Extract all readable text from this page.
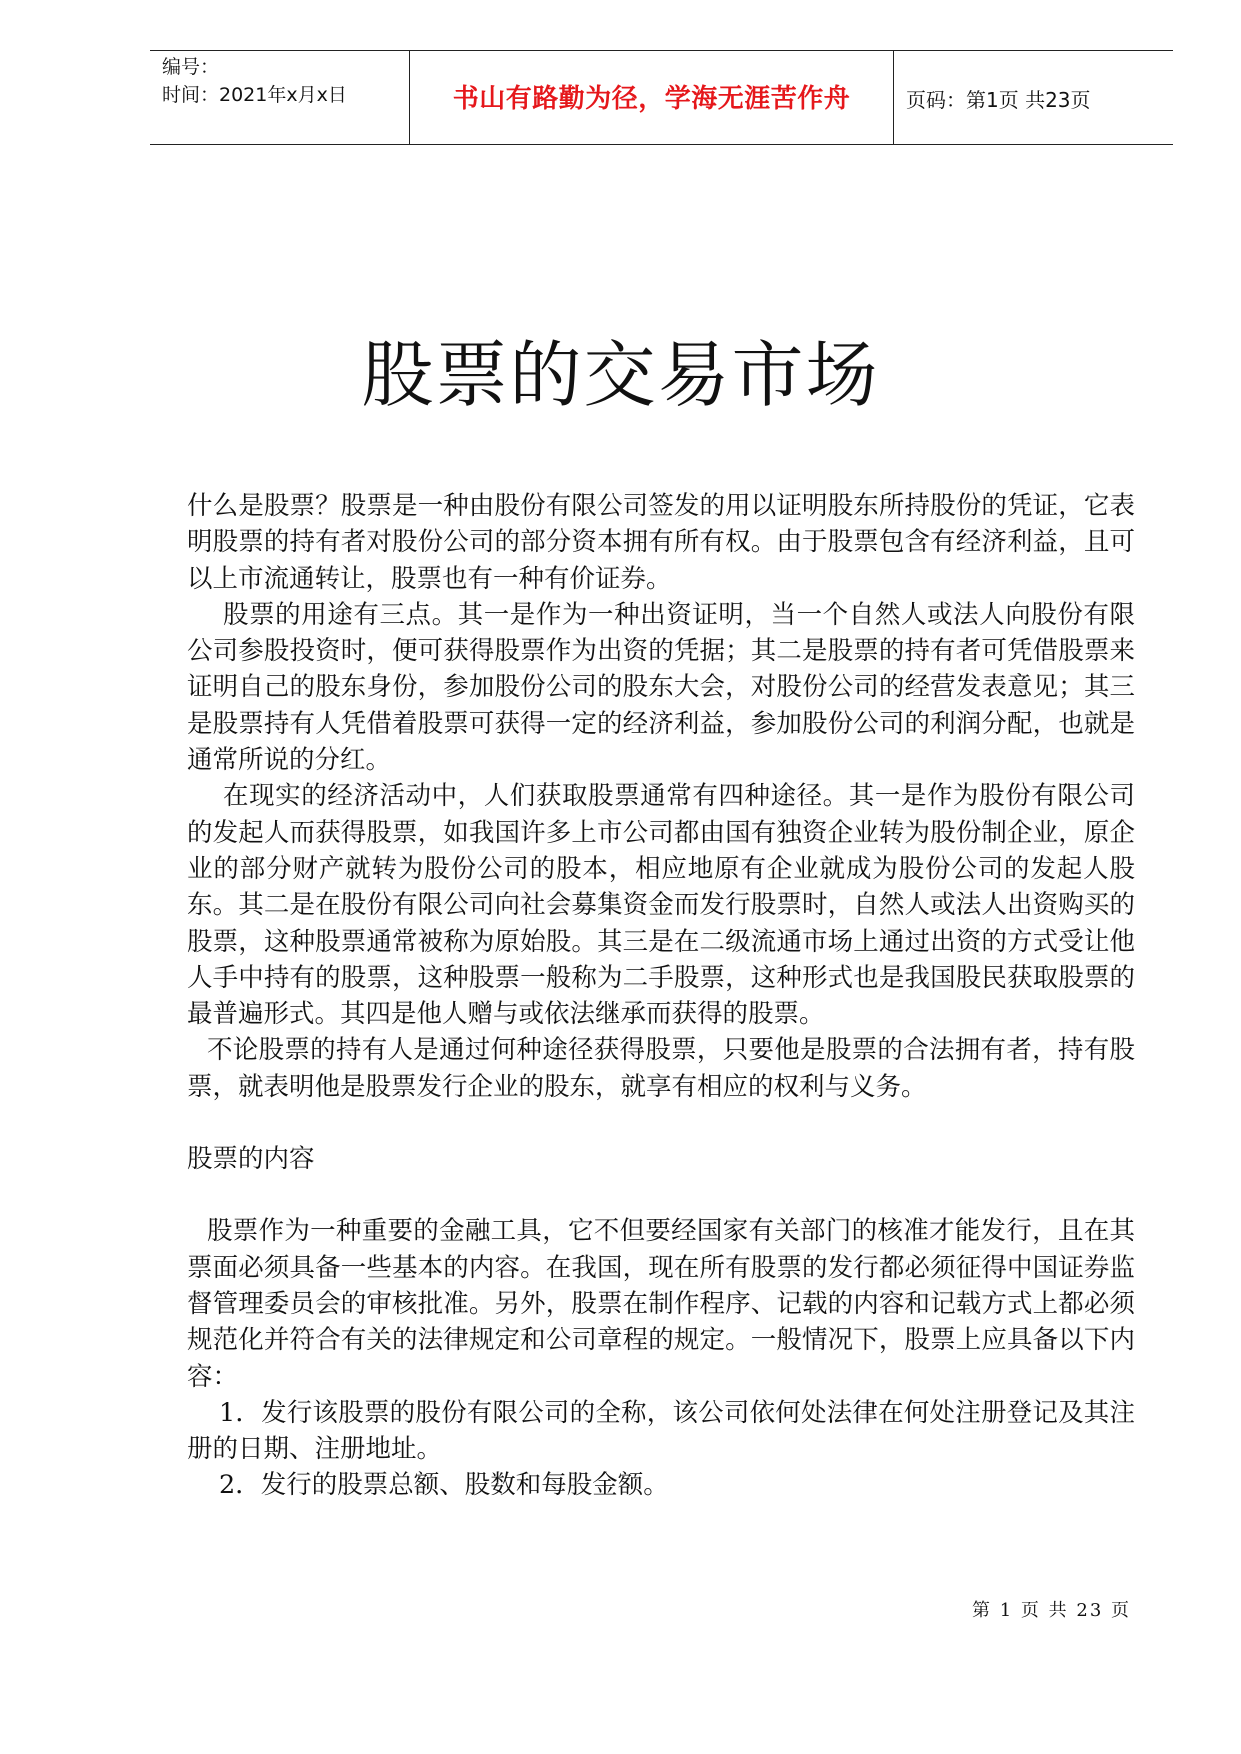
编号：
时间：2021年x月x日	书山有路勤为径，学海无涯苦作舟	页码：第1页 共23页
股票的交易市场

什么是股票？股票是一种由股份有限公司签发的用以证明股东所持股份的凭证，它表明股票的持有者对股份公司的部分资本拥有所有权。由于股票包含有经济利益，且可以上市流通转让，股票也有一种有价证券。

股票的用途有三点。其一是作为一种出资证明，当一个自然人或法人向股份有限公司参股投资时，便可获得股票作为出资的凭据；其二是股票的持有者可凭借股票来证明自己的股东身份，参加股份公司的股东大会，对股份公司的经营发表意见；其三是股票持有人凭借着股票可获得一定的经济利益，参加股份公司的利润分配，也就是通常所说的分红。

在现实的经济活动中，人们获取股票通常有四种途径。其一是作为股份有限公司的发起人而获得股票，如我国许多上市公司都由国有独资企业转为股份制企业，原企业的部分财产就转为股份公司的股本，相应地原有企业就成为股份公司的发起人股东。其二是在股份有限公司向社会募集资金而发行股票时，自然人或法人出资购买的股票，这种股票通常被称为原始股。其三是在二级流通市场上通过出资的方式受让他人手中持有的股票，这种股票一般称为二手股票，这种形式也是我国股民获取股票的最普遍形式。其四是他人赠与或依法继承而获得的股票。

不论股票的持有人是通过何种途径获得股票，只要他是股票的合法拥有者，持有股票，就表明他是股票发行企业的股东，就享有相应的权利与义务。

股票的内容

股票作为一种重要的金融工具，它不但要经国家有关部门的核准才能发行，且在其票面必须具备一些基本的内容。在我国，现在所有股票的发行都必须征得中国证券监督管理委员会的审核批准。另外，股票在制作程序、记载的内容和记载方式上都必须规范化并符合有关的法律规定和公司章程的规定。一般情况下，股票上应具备以下内容：

1．发行该股票的股份有限公司的全称，该公司依何处法律在何处注册登记及其注册的日期、注册地址。

2．发行的股票总额、股数和每股金额。

第 1 页 共 23 页
